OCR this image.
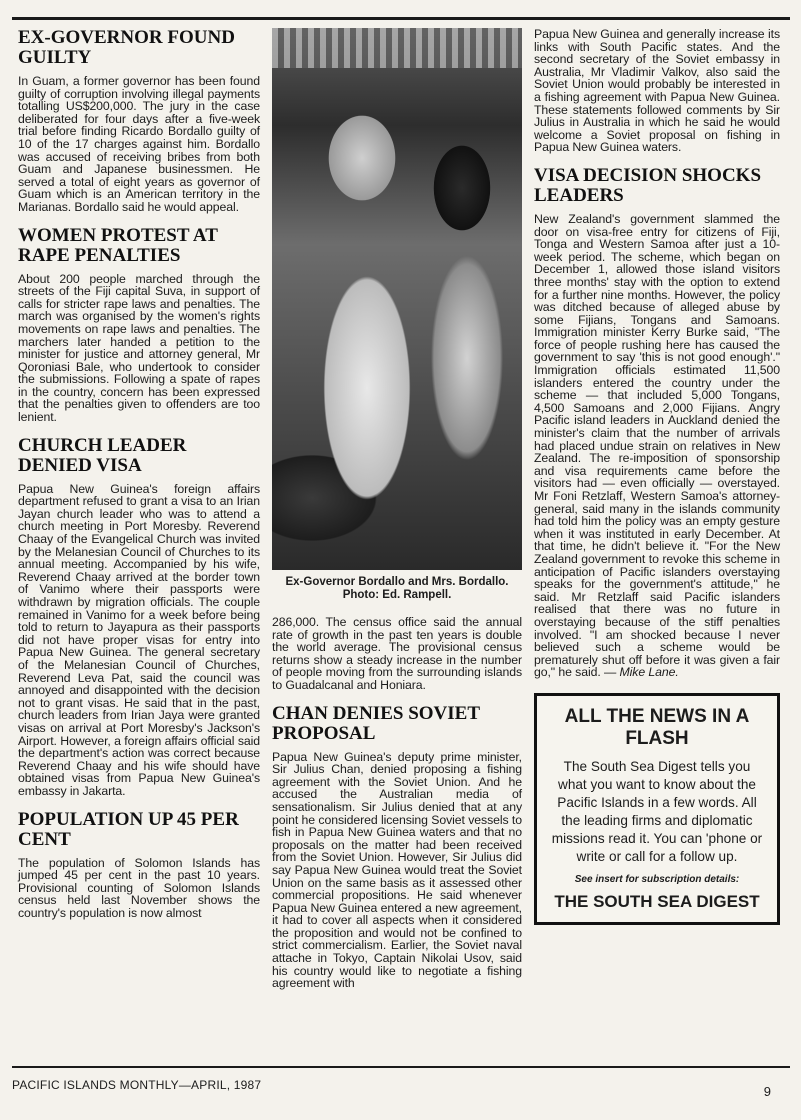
EX-GOVERNOR FOUND GUILTY

In Guam, a former governor has been found guilty of corruption involving illegal payments totalling US$200,000. The jury in the case deliberated for four days after a five-week trial before finding Ricardo Bordallo guilty of 10 of the 17 charges against him. Bordallo was accused of receiving bribes from both Guam and Japanese businessmen. He served a total of eight years as governor of Guam which is an American territory in the Marianas. Bordallo said he would appeal.

WOMEN PROTEST AT RAPE PENALTIES

About 200 people marched through the streets of the Fiji capital Suva, in support of calls for stricter rape laws and penalties. The march was organised by the women's rights movements on rape laws and penalties. The marchers later handed a petition to the minister for justice and attorney general, Mr Qoroniasi Bale, who undertook to consider the submissions. Following a spate of rapes in the country, concern has been expressed that the penalties given to offenders are too lenient.

CHURCH LEADER DENIED VISA

Papua New Guinea's foreign affairs department refused to grant a visa to an Irian Jayan church leader who was to attend a church meeting in Port Moresby. Reverend Chaay of the Evangelical Church was invited by the Melanesian Council of Churches to its annual meeting. Accompanied by his wife, Reverend Chaay arrived at the border town of Vanimo where their passports were withdrawn by migration officials. The couple remained in Vanimo for a week before being told to return to Jayapura as their passports did not have proper visas for entry into Papua New Guinea. The general secretary of the Melanesian Council of Churches, Reverend Leva Pat, said the council was annoyed and disappointed with the decision not to grant visas. He said that in the past, church leaders from Irian Jaya were granted visas on arrival at Port Moresby's Jackson's Airport. However, a foreign affairs official said the department's action was correct because Reverend Chaay and his wife should have obtained visas from Papua New Guinea's embassy in Jakarta.

POPULATION UP 45 PER CENT

The population of Solomon Islands has jumped 45 per cent in the past 10 years. Provisional counting of Solomon Islands census held last November shows the country's population is now almost

Ex-Governor Bordallo and Mrs. Bordallo. Photo: Ed. Rampell.

286,000. The census office said the annual rate of growth in the past ten years is double the world average. The provisional census returns show a steady increase in the number of people moving from the surrounding islands to Guadalcanal and Honiara.

CHAN DENIES SOVIET PROPOSAL

Papua New Guinea's deputy prime minister, Sir Julius Chan, denied proposing a fishing agreement with the Soviet Union. And he accused the Australian media of sensationalism. Sir Julius denied that at any point he considered licensing Soviet vessels to fish in Papua New Guinea waters and that no proposals on the matter had been received from the Soviet Union. However, Sir Julius did say Papua New Guinea would treat the Soviet Union on the same basis as it assessed other commercial propositions. He said whenever Papua New Guinea entered a new agreement, it had to cover all aspects when it considered the proposition and would not be confined to strict commercialism. Earlier, the Soviet naval attache in Tokyo, Captain Nikolai Usov, said his country would like to negotiate a fishing agreement with

Papua New Guinea and generally increase its links with South Pacific states. And the second secretary of the Soviet embassy in Australia, Mr Vladimir Valkov, also said the Soviet Union would probably be interested in a fishing agreement with Papua New Guinea. These statements followed comments by Sir Julius in Australia in which he said he would welcome a Soviet proposal on fishing in Papua New Guinea waters.

VISA DECISION SHOCKS LEADERS

New Zealand's government slammed the door on visa-free entry for citizens of Fiji, Tonga and Western Samoa after just a 10-week period. The scheme, which began on December 1, allowed those island visitors three months' stay with the option to extend for a further nine months. However, the policy was ditched because of alleged abuse by some Fijians, Tongans and Samoans. Immigration minister Kerry Burke said, "The force of people rushing here has caused the government to say 'this is not good enough'." Immigration officials estimated 11,500 islanders entered the country under the scheme — that included 5,000 Tongans, 4,500 Samoans and 2,000 Fijians. Angry Pacific island leaders in Auckland denied the minister's claim that the number of arrivals had placed undue strain on relatives in New Zealand. The re-imposition of sponsorship and visa requirements came before the visitors had — even officially — overstayed. Mr Foni Retzlaff, Western Samoa's attorney-general, said many in the islands community had told him the policy was an empty gesture when it was instituted in early December. At that time, he didn't believe it. "For the New Zealand government to revoke this scheme in anticipation of Pacific islanders overstaying speaks for the government's attitude," he said. Mr Retzlaff said Pacific islanders realised that there was no future in overstaying because of the stiff penalties involved. "I am shocked because I never believed such a scheme would be prematurely shut off before it was given a fair go," he said. — Mike Lane.

ALL THE NEWS IN A FLASH
The South Sea Digest tells you what you want to know about the Pacific Islands in a few words. All the leading firms and diplomatic missions read it. You can 'phone or write or call for a follow up.
See insert for subscription details:
THE SOUTH SEA DIGEST
PACIFIC ISLANDS MONTHLY—APRIL, 1987	9
